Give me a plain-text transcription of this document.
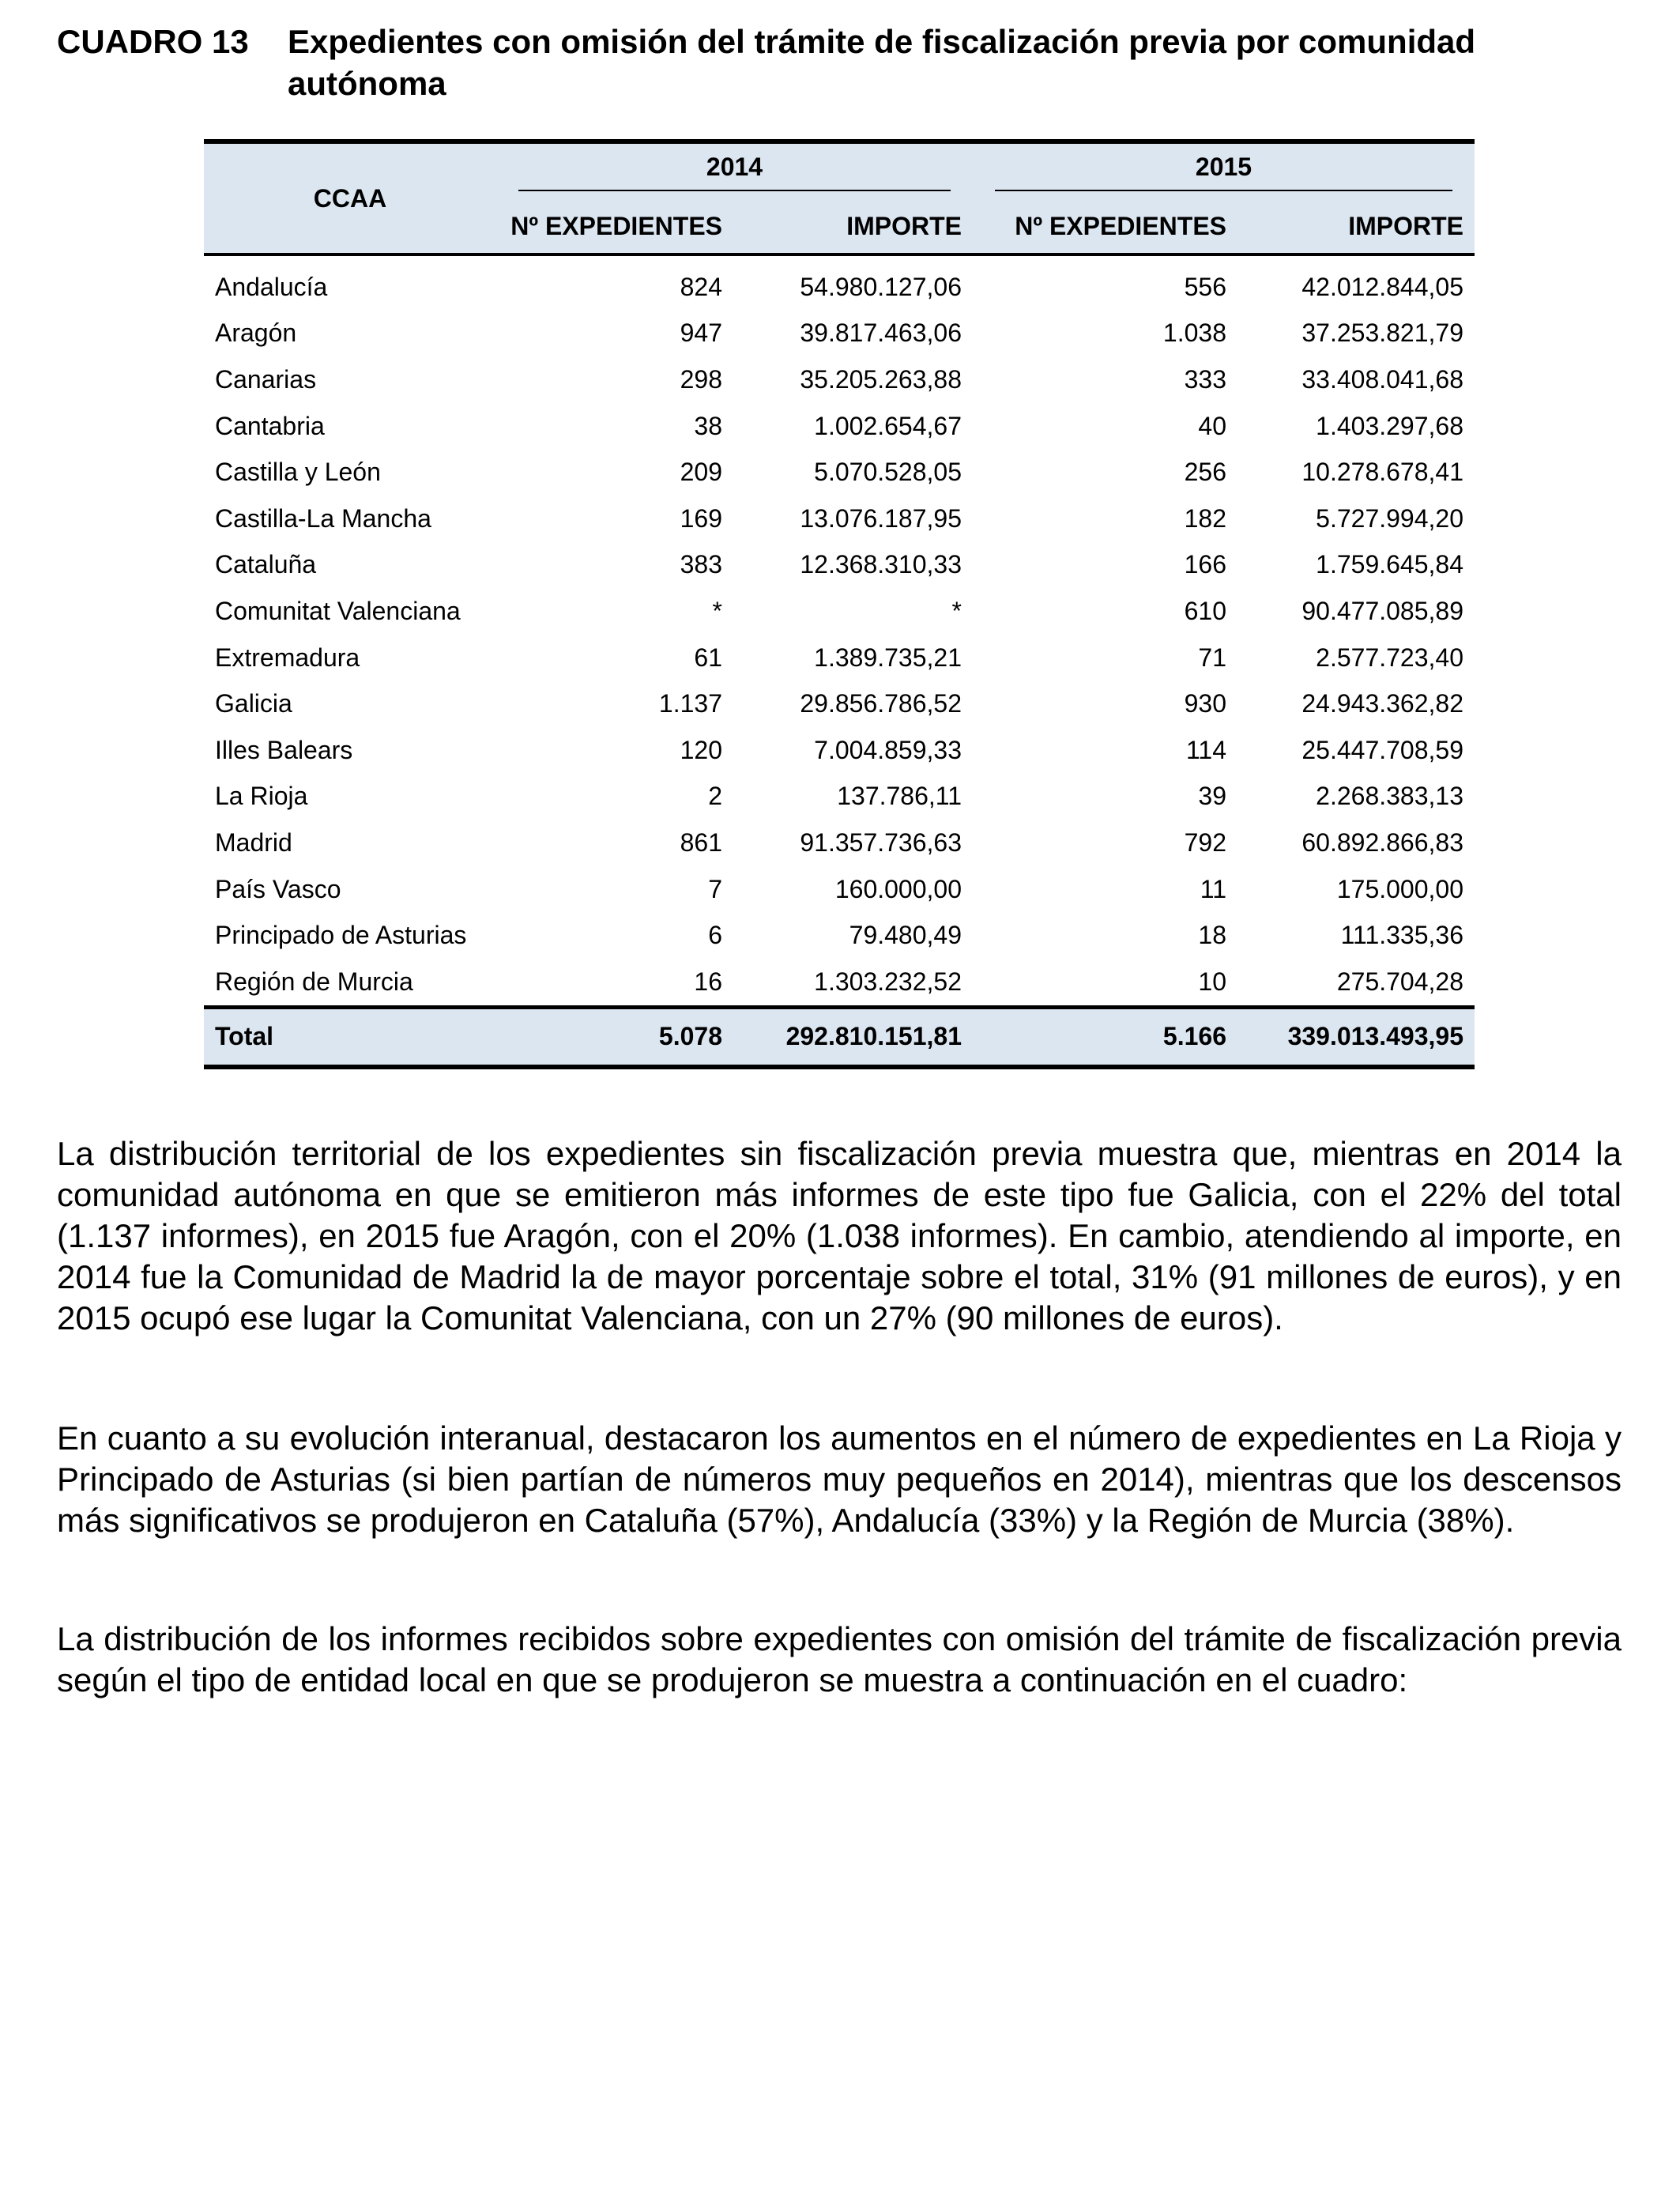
CUADRO 13 Expedientes con omisión del trámite de fiscalización previa por comunidad autónoma
CCAA	2014		2015	

	Nº EXPEDIENTES	IMPORTE	Nº EXPEDIENTES	IMPORTE
Andalucía	824	54.980.127,06	556	42.012.844,05
Aragón	947	39.817.463,06	1.038	37.253.821,79
Canarias	298	35.205.263,88	333	33.408.041,68
Cantabria	38	1.002.654,67	40	1.403.297,68
Castilla y León	209	5.070.528,05	256	10.278.678,41
Castilla-La Mancha	169	13.076.187,95	182	5.727.994,20
Cataluña	383	12.368.310,33	166	1.759.645,84
Comunitat Valenciana	*	*	610	90.477.085,89
Extremadura	61	1.389.735,21	71	2.577.723,40
Galicia	1.137	29.856.786,52	930	24.943.362,82
Illes Balears	120	7.004.859,33	114	25.447.708,59
La Rioja	2	137.786,11	39	2.268.383,13
Madrid	861	91.357.736,63	792	60.892.866,83
País Vasco	7	160.000,00	11	175.000,00
Principado de Asturias	6	79.480,49	18	111.335,36
Región de Murcia	16	1.303.232,52	10	275.704,28
Total	5.078	292.810.151,81	5.166	339.013.493,95

La distribución territorial de los expedientes sin fiscalización previa muestra que, mientras en 2014 la comunidad autónoma en que se emitieron más informes de este tipo fue Galicia, con el 22% del total (1.137 informes), en 2015 fue Aragón, con el 20% (1.038 informes). En cambio, atendiendo al importe, en 2014 fue la Comunidad de Madrid la de mayor porcentaje sobre el total, 31% (91 millones de euros), y en 2015 ocupó ese lugar la Comunitat Valenciana, con un 27% (90 millones de euros).

En cuanto a su evolución interanual, destacaron los aumentos en el número de expedientes en La Rioja y Principado de Asturias (si bien partían de números muy pequeños en 2014), mientras que los descensos más significativos se produjeron en Cataluña (57%), Andalucía (33%) y la Región de Murcia (38%).

La distribución de los informes recibidos sobre expedientes con omisión del trámite de fiscalización previa según el tipo de entidad local en que se produjeron se muestra a continuación en el cuadro:
